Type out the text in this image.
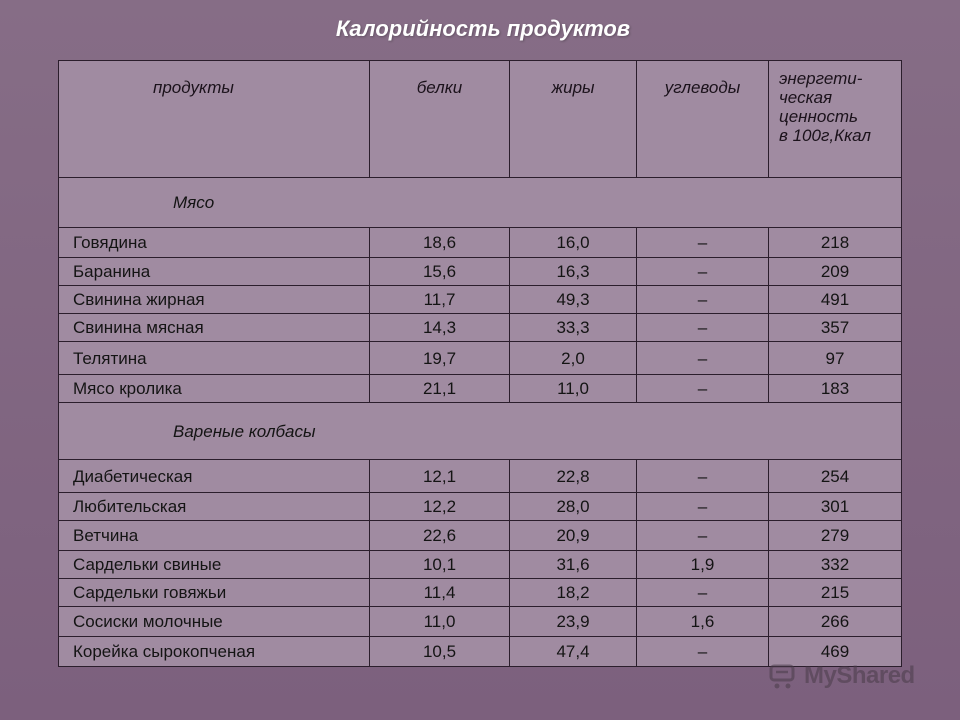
Калорийность продуктов
продукты	белки	жиры	углеводы	энергети-
ческая
ценность
в 100г,Ккал

Мясо				
Говядина	18,6	16,0	–	218
Баранина	15,6	16,3	–	209
Свинина жирная	11,7	49,3	–	491
Свинина мясная	14,3	33,3	–	357
Телятина	19,7	2,0	–	97
Мясо кролика	21,1	11,0	–	183
Вареные колбасы				
Диабетическая	12,1	22,8	–	254
Любительская	12,2	28,0	–	301
Ветчина	22,6	20,9	–	279
Сардельки свиные	10,1	31,6	1,9	332
Сардельки говяжьи	11,4	18,2	–	215
Сосиски молочные	11,0	23,9	1,6	266
Корейка сырокопченая	10,5	47,4	–	469
MyShared
